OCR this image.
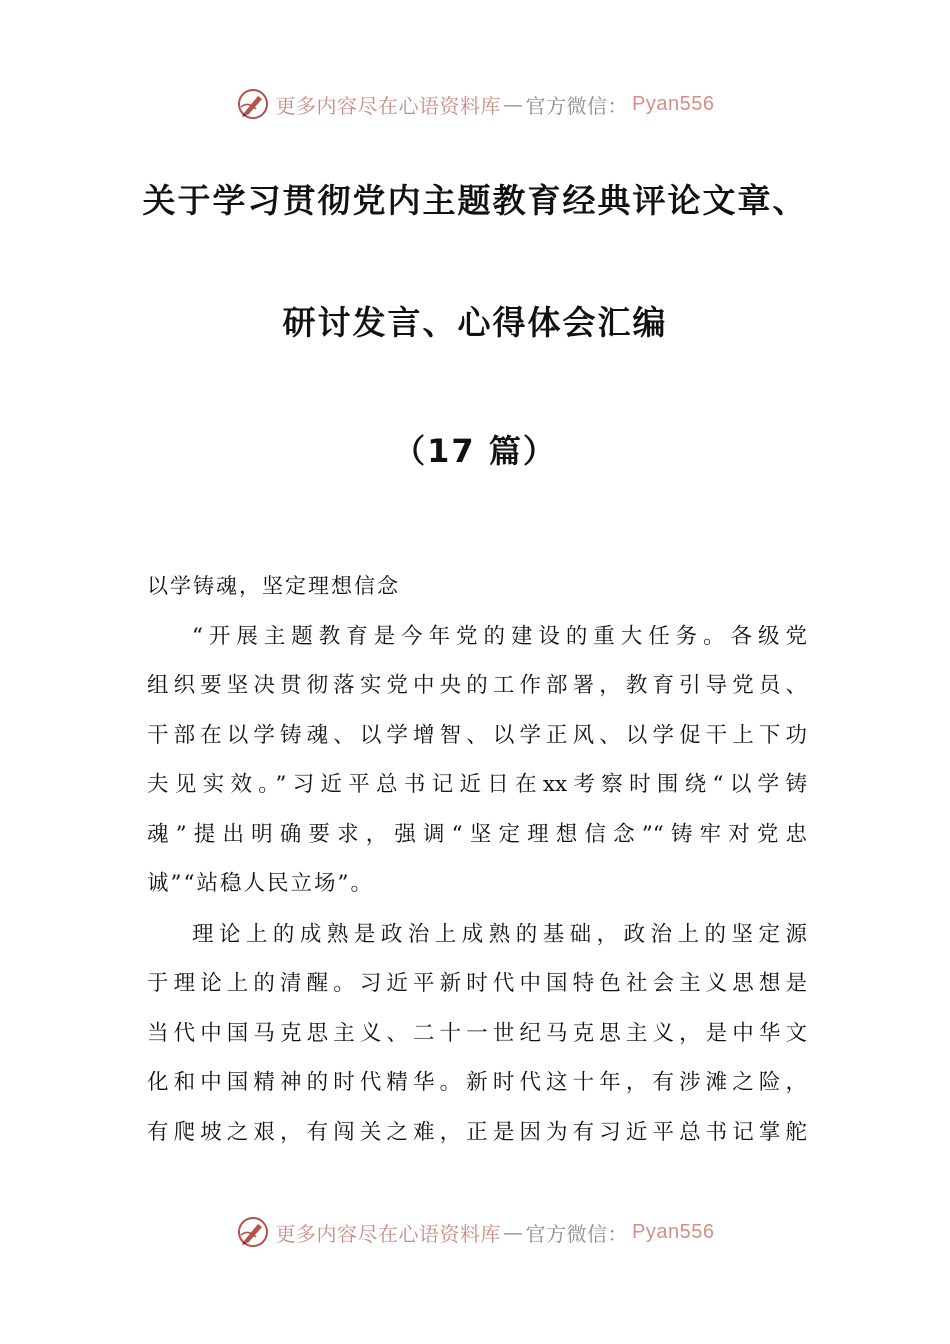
更多内容尽在心语资料库 — 官方微信： Pyan556
关于学习贯彻党内主题教育经典评论文章、
研讨发言、心得体会汇编
（17 篇）
以学铸魂，坚定理想信念
“开展主题教育是今年党的建设的重大任务。各级党
组织要坚决贯彻落实党中央的工作部署，教育引导党员、
干部在以学铸魂、以学增智、以学正风、以学促干上下功
夫见实效。”习近平总书记近日在xx考察时围绕“以学铸
魂”提出明确要求，强调“坚定理想信念”“铸牢对党忠
诚”“站稳人民立场”。
理论上的成熟是政治上成熟的基础，政治上的坚定源
于理论上的清醒。习近平新时代中国特色社会主义思想是
当代中国马克思主义、二十一世纪马克思主义，是中华文
化和中国精神的时代精华。新时代这十年，有涉滩之险，
有爬坡之艰，有闯关之难，正是因为有习近平总书记掌舵
更多内容尽在心语资料库 — 官方微信： Pyan556
